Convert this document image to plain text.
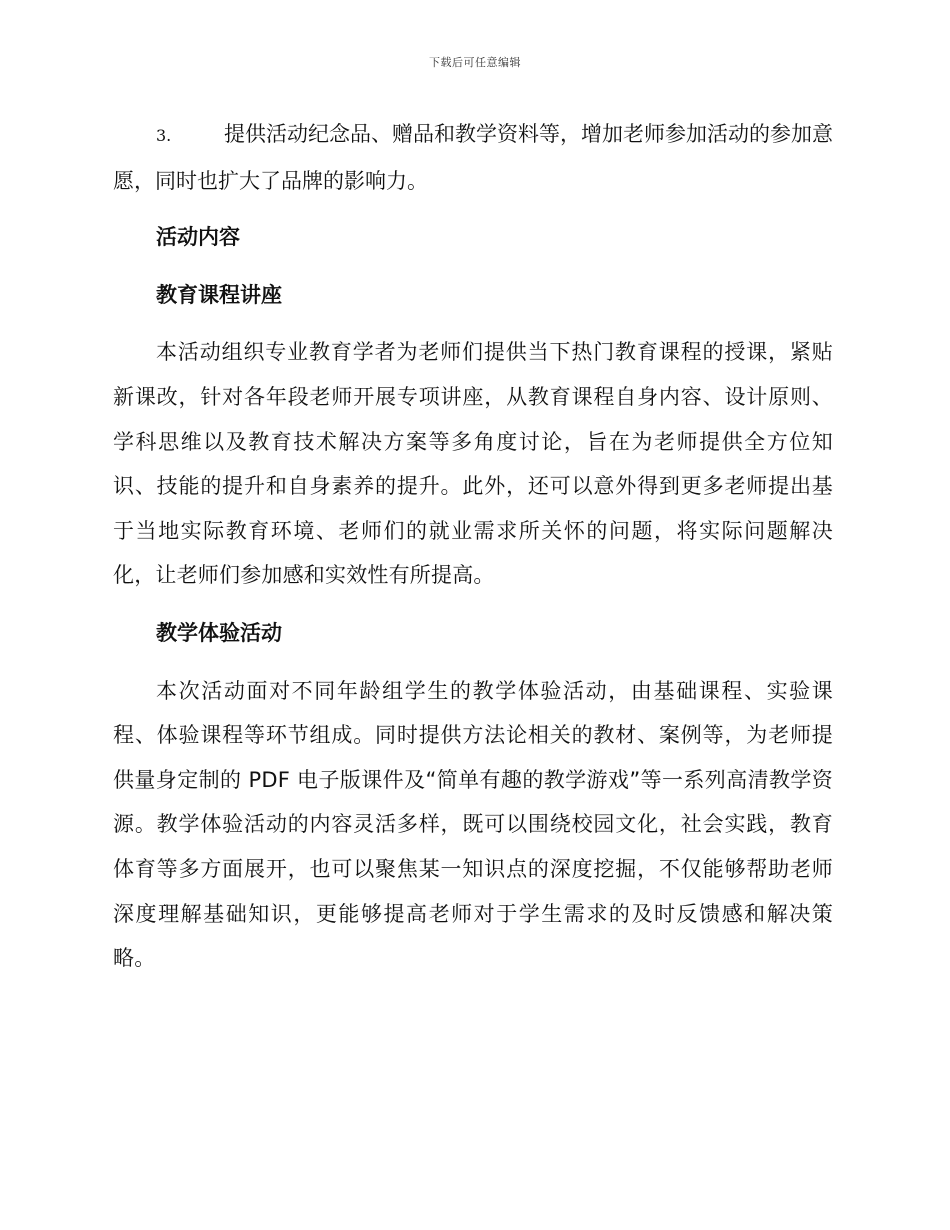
下载后可任意编辑

3.	提供活动纪念品、赠品和教学资料等，增加老师参加活动的参加意愿，同时也扩大了品牌的影响力。

活动内容
教育课程讲座

本活动组织专业教育学者为老师们提供当下热门教育课程的授课，紧贴新课改，针对各年段老师开展专项讲座，从教育课程自身内容、设计原则、学科思维以及教育技术解决方案等多角度讨论，旨在为老师提供全方位知识、技能的提升和自身素养的提升。此外，还可以意外得到更多老师提出基于当地实际教育环境、老师们的就业需求所关怀的问题，将实际问题解决化，让老师们参加感和实效性有所提高。

教学体验活动

本次活动面对不同年龄组学生的教学体验活动，由基础课程、实验课程、体验课程等环节组成。同时提供方法论相关的教材、案例等，为老师提供量身定制的 PDF 电子版课件及“简单有趣的教学游戏”等一系列高清教学资源。教学体验活动的内容灵活多样，既可以围绕校园文化，社会实践，教育体育等多方面展开，也可以聚焦某一知识点的深度挖掘，不仅能够帮助老师深度理解基础知识，更能够提高老师对于学生需求的及时反馈感和解决策略。
